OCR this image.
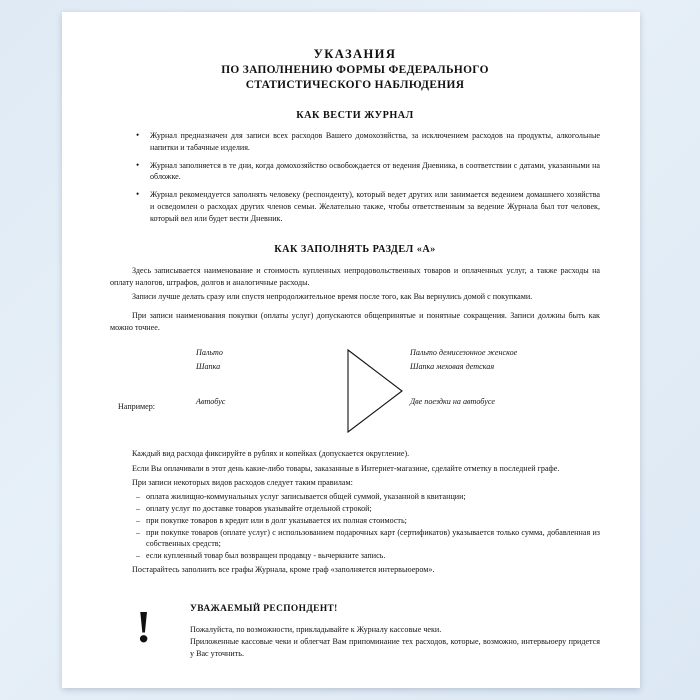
УКАЗАНИЯ
ПО ЗАПОЛНЕНИЮ ФОРМЫ ФЕДЕРАЛЬНОГО
СТАТИСТИЧЕСКОГО НАБЛЮДЕНИЯ
КАК ВЕСТИ ЖУРНАЛ
• Журнал предназначен для записи всех расходов Вашего домохозяйства, за исключением расходов на продукты, алкогольные напитки и табачные изделия.
• Журнал заполняется в те дни, когда домохозяйство освобождается от ведения Дневника, в соответствии с датами, указанными на обложке.
• Журнал рекомендуется заполнять человеку (респонденту), который ведет других или занимается ведением домашнего хозяйства и осведомлен о расходах других членов семьи. Желательно также, чтобы ответственным за ведение Журнала был тот человек, который вел или будет вести Дневник.
КАК ЗАПОЛНЯТЬ РАЗДЕЛ «А»

Здесь записывается наименование и стоимость купленных непродовольственных товаров и оплаченных услуг, а также расходы на оплату налогов, штрафов, долгов и аналогичные расходы.

Записи лучше делать сразу или спустя непродолжительное время после того, как Вы вернулись домой с покупками.

При записи наименования покупки (оплаты услуг) допускаются общепринятые и понятные сокращения. Записи должны быть как можно точнее.

Например:
Пальто
Шапка
Автобус
Пальто демисезонное женское
Шапка меховая детская
Две поездки на автобусе

Каждый вид расхода фиксируйте в рублях и копейках (допускается округление).

Если Вы оплачивали в этот день какие-либо товары, заказанные в Интернет-магазине, сделайте отметку в последней графе.

При записи некоторых видов расходов следует таким правилам:

– оплата жилищно-коммунальных услуг записывается общей суммой, указанной в квитанции;
– оплату услуг по доставке товаров указывайте отдельной строкой;
– при покупке товаров в кредит или в долг указывается их полная стоимость;
– при покупке товаров (оплате услуг) с использованием подарочных карт (сертификатов) указывается только сумма, добавленная из собственных средств;
– если купленный товар был возвращен продавцу - вычеркните запись.

Постарайтесь заполнить все графы Журнала, кроме граф «заполняется интервьюером».

!	УВАЖАЕМЫЙ РЕСПОНДЕНТ!

Пожалуйста, по возможности, прикладывайте к Журналу кассовые чеки.

Приложенные кассовые чеки и облегчат Вам припоминание тех расходов, которые, возможно, интервьюеру придется у Вас уточнить.
